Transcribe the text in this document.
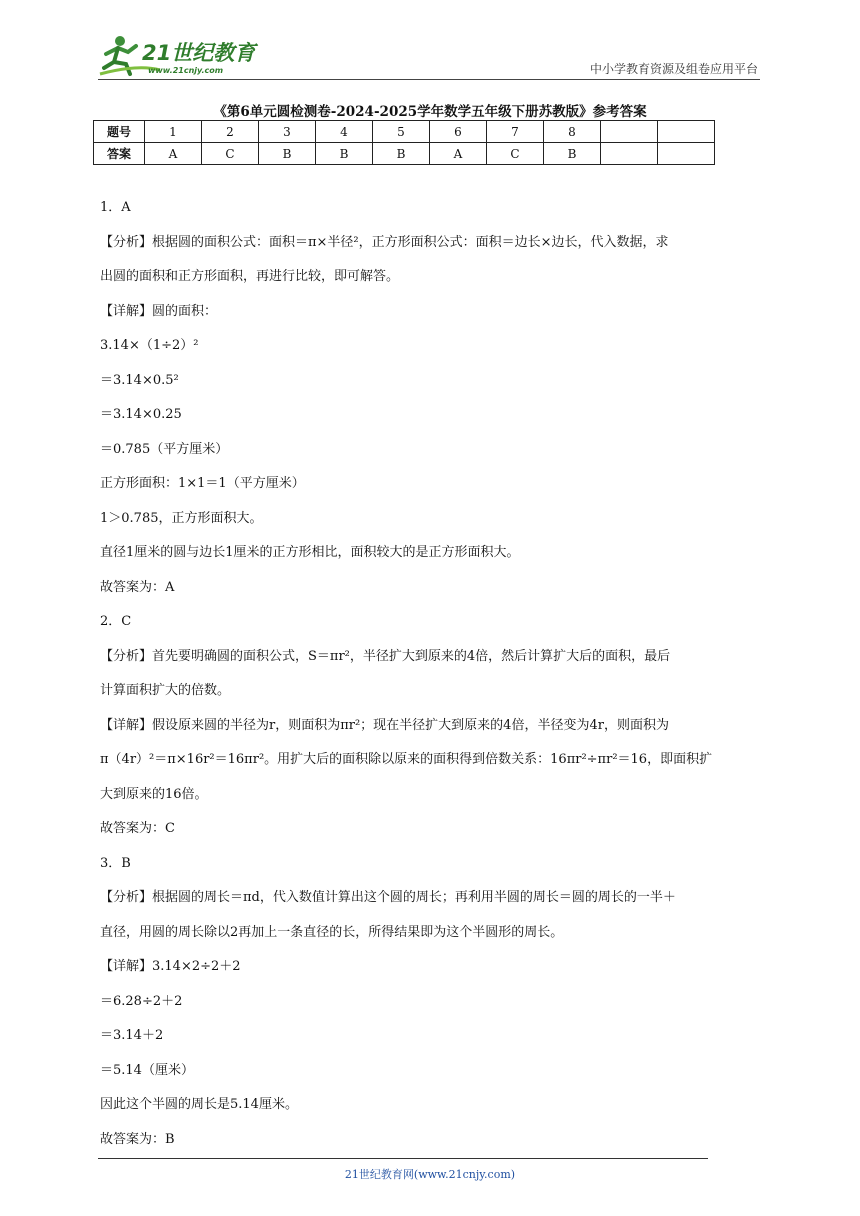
21世纪教育
www.21cnjy.com	中小学教育资源及组卷应用平台
《第6单元圆检测卷-2024-2025学年数学五年级下册苏教版》参考答案
题号	1	2	3	4	5	6	7	8		
答案	A	C	B	B	B	A	C	B		

1．A

【分析】根据圆的面积公式：面积＝π×半径²，正方形面积公式：面积＝边长×边长，代入数据，求

出圆的面积和正方形面积，再进行比较，即可解答。

【详解】圆的面积：

3.14×（1÷2）²

＝3.14×0.5²

＝3.14×0.25

＝0.785（平方厘米）

正方形面积：1×1＝1（平方厘米）

1＞0.785，正方形面积大。

直径1厘米的圆与边长1厘米的正方形相比，面积较大的是正方形面积大。

故答案为：A

2．C

【分析】首先要明确圆的面积公式，S＝πr²，半径扩大到原来的4倍，然后计算扩大后的面积，最后

计算面积扩大的倍数。

【详解】假设原来圆的半径为r，则面积为πr²；现在半径扩大到原来的4倍，半径变为4r，则面积为

π（4r）²＝π×16r²＝16πr²。用扩大后的面积除以原来的面积得到倍数关系：16πr²÷πr²＝16，即面积扩

大到原来的16倍。

故答案为：C

3．B

【分析】根据圆的周长＝πd，代入数值计算出这个圆的周长；再利用半圆的周长＝圆的周长的一半＋

直径，用圆的周长除以2再加上一条直径的长，所得结果即为这个半圆形的周长。

【详解】3.14×2÷2＋2

＝6.28÷2＋2

＝3.14＋2

＝5.14（厘米）

因此这个半圆的周长是5.14厘米。

故答案为：B

21世纪教育网(www.21cnjy.com)
